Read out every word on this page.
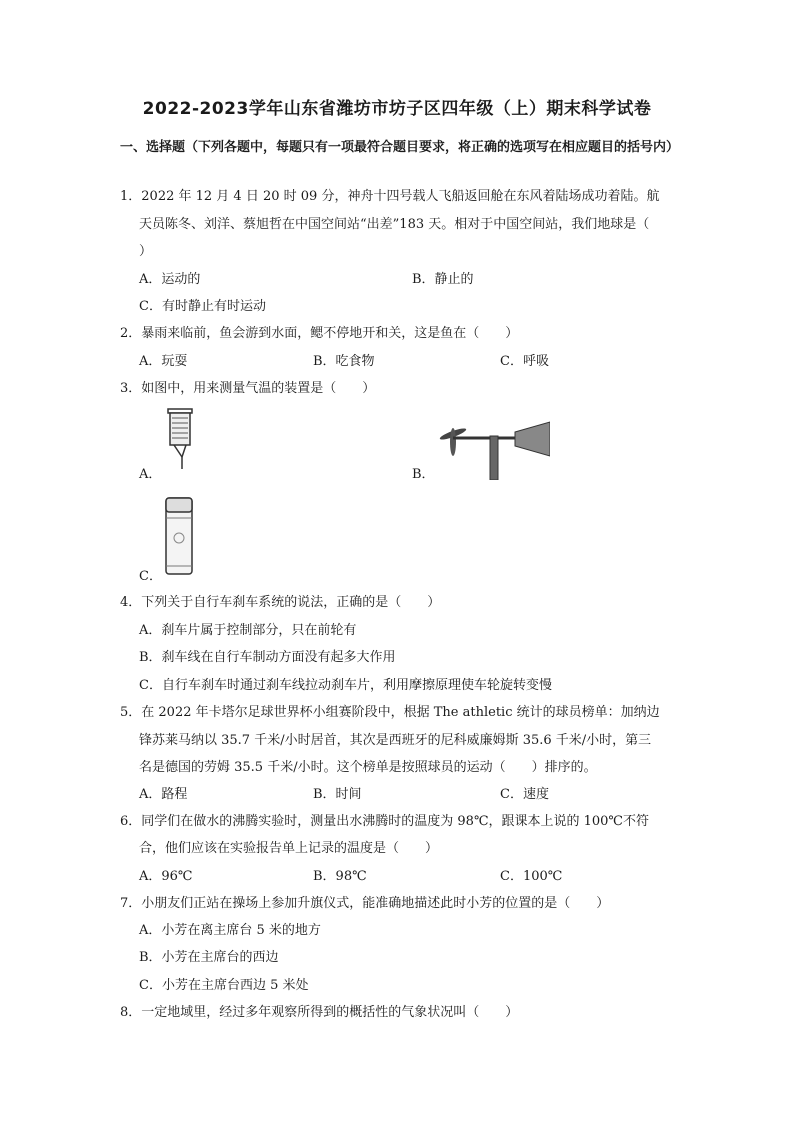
2022-2023学年山东省潍坊市坊子区四年级（上）期末科学试卷
一、选择题（下列各题中，每题只有一项最符合题目要求，将正确的选项写在相应题目的括号内）
1．2022 年 12 月 4 日 20 时 09 分，神舟十四号载人飞船返回舱在东风着陆场成功着陆。航
天员陈冬、刘洋、蔡旭哲在中国空间站“出差”183 天。相对于中国空间站，我们地球是（
）
A．运动的	B．静止的
C．有时静止有时运动
2．暴雨来临前，鱼会游到水面，鳃不停地开和关，这是鱼在（　　）
A．玩耍	B．吃食物	C．呼吸
3．如图中，用来测量气温的装置是（　　）
A．	B．
C．
4．下列关于自行车刹车系统的说法，正确的是（　　）
A．刹车片属于控制部分，只在前轮有
B．刹车线在自行车制动方面没有起多大作用
C．自行车刹车时通过刹车线拉动刹车片，利用摩擦原理使车轮旋转变慢
5．在 2022 年卡塔尔足球世界杯小组赛阶段中，根据 The athletic 统计的球员榜单：加纳边
锋苏莱马纳以 35.7 千米/小时居首，其次是西班牙的尼科威廉姆斯 35.6 千米/小时，第三
名是德国的劳姆 35.5 千米/小时。这个榜单是按照球员的运动（　　）排序的。
A．路程	B．时间	C．速度
6．同学们在做水的沸腾实验时，测量出水沸腾时的温度为 98℃，跟课本上说的 100℃不符
合，他们应该在实验报告单上记录的温度是（　　）
A．96℃	B．98℃	C．100℃
7．小朋友们正站在操场上参加升旗仪式，能准确地描述此时小芳的位置的是（　　）
A．小芳在离主席台 5 米的地方
B．小芳在主席台的西边
C．小芳在主席台西边 5 米处
8．一定地域里，经过多年观察所得到的概括性的气象状况叫（　　）
